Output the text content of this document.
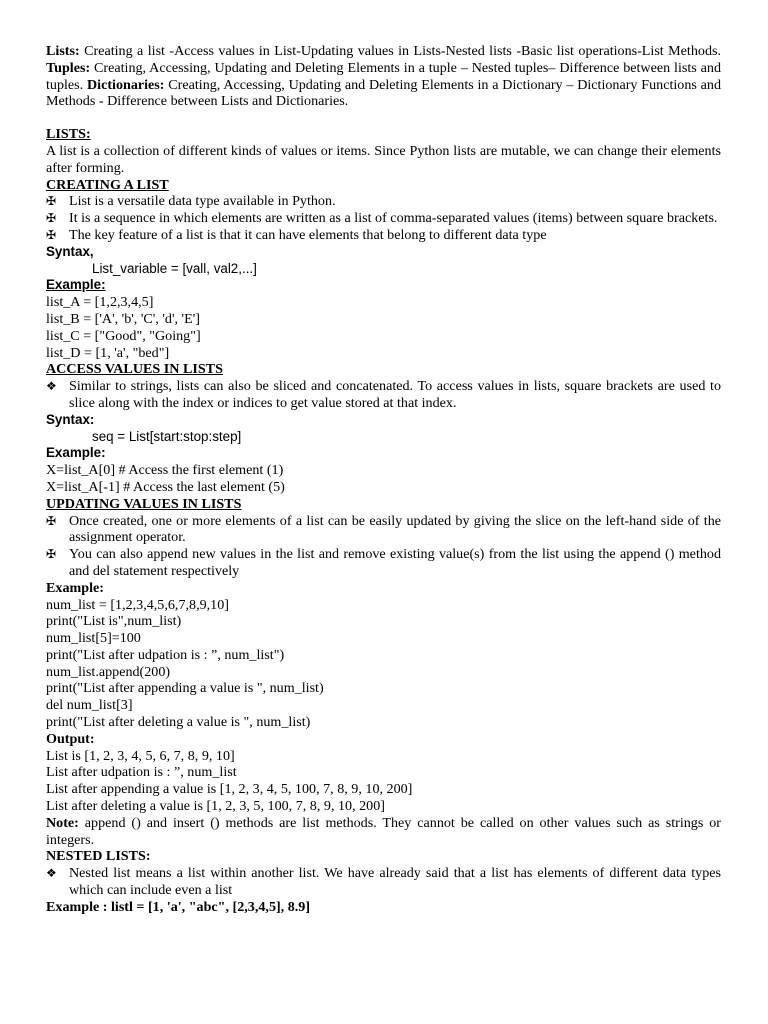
Lists: Creating a list -Access values in List-Updating values in Lists-Nested lists -Basic list operations-List Methods. Tuples: Creating, Accessing, Updating and Deleting Elements in a tuple – Nested tuples– Difference between lists and tuples. Dictionaries: Creating, Accessing, Updating and Deleting Elements in a Dictionary – Dictionary Functions and Methods - Difference between Lists and Dictionaries.

LISTS:

A list is a collection of different kinds of values or items. Since Python lists are mutable, we can change their elements after forming.

CREATING A LIST

✠ List is a versatile data type available in Python.
✠ It is a sequence in which elements are written as a list of comma-separated values (items) between square brackets.
✠ The key feature of a list is that it can have elements that belong to different data type

Syntax,

List_variable = [vall, val2,...]

Example:

list_A = [1,2,3,4,5]

list_B = ['A', 'b', 'C', 'd', 'E']

list_C = ["Good", "Going"]

list_D = [1, 'a', "bed"]

ACCESS VALUES IN LISTS

❖ Similar to strings, lists can also be sliced and concatenated. To access values in lists, square brackets are used to slice along with the index or indices to get value stored at that index.

Syntax:

seq = List[start:stop:step]

Example:

X=list_A[0] # Access the first element (1)

X=list_A[-1] # Access the last element (5)

UPDATING VALUES IN LISTS

✠ Once created, one or more elements of a list can be easily updated by giving the slice on the left-hand side of the assignment operator.
✠ You can also append new values in the list and remove existing value(s) from the list using the append () method and del statement respectively

Example:

num_list = [1,2,3,4,5,6,7,8,9,10]

print("List is",num_list)

num_list[5]=100

print("List after udpation is : ”, num_list")

num_list.append(200)

print("List after appending a value is ", num_list)

del num_list[3]

print("List after deleting a value is ", num_list)

Output:

List is [1, 2, 3, 4, 5, 6, 7, 8, 9, 10]

List after udpation is : ”, num_list

List after appending a value is [1, 2, 3, 4, 5, 100, 7, 8, 9, 10, 200]

List after deleting a value is [1, 2, 3, 5, 100, 7, 8, 9, 10, 200]

Note: append () and insert () methods are list methods. They cannot be called on other values such as strings or integers.

NESTED LISTS:

❖ Nested list means a list within another list. We have already said that a list has elements of different data types which can include even a list

Example : listl = [1, 'a', "abc", [2,3,4,5], 8.9]
